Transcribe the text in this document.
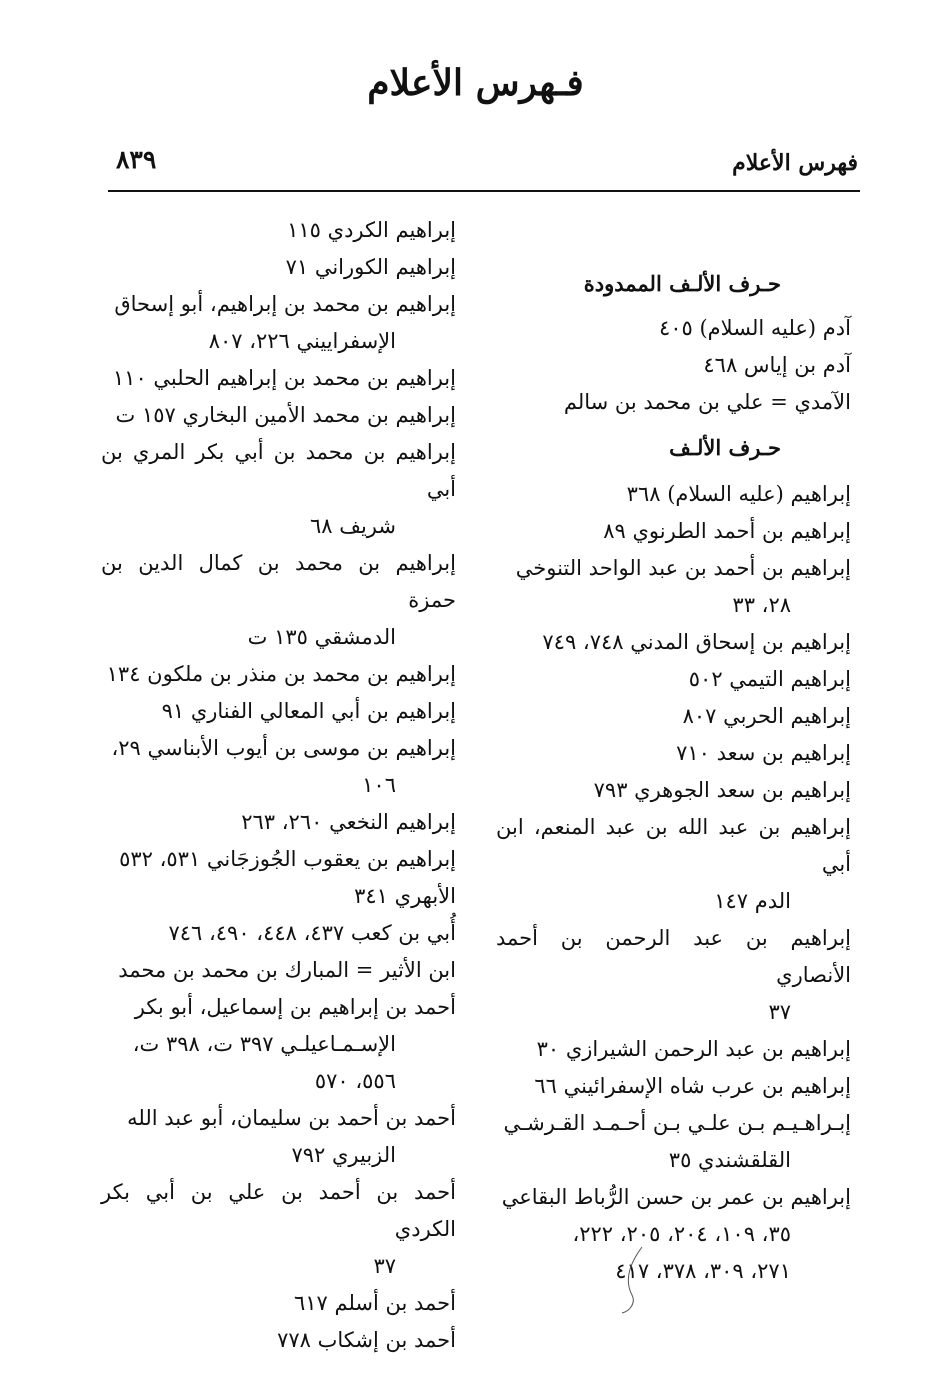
فـهرس الأعلام
فهرس الأعلام
٨٣٩
حـرف الألـف الممدودة
آدم (عليه السلام) ٤٠٥
آدم بن إياس ٤٦٨
الآمدي = علي بن محمد بن سالم
حـرف الألـف
إبراهيم (عليه السلام) ٣٦٨
إبراهيم بن أحمد الطرنوي ٨٩
إبراهيم بن أحمد بن عبد الواحد التنوخي
٢٨، ٣٣
إبراهيم بن إسحاق المدني ٧٤٨، ٧٤٩
إبراهيم التيمي ٥٠٢
إبراهيم الحربي ٨٠٧
إبراهيم بن سعد ٧١٠
إبراهيم بن سعد الجوهري ٧٩٣
إبراهيم بن عبد الله بن عبد المنعم، ابن أبي
الدم ١٤٧
إبراهيم بن عبد الرحمن بن أحمد الأنصاري
٣٧
إبراهيم بن عبد الرحمن الشيرازي ٣٠
إبراهيم بن عرب شاه الإسفرائيني ٦٦
إبـراهـيـم بـن علـي بـن أحـمـد القـرشـي
القلقشندي ٣٥
إبراهيم بن عمر بن حسن الرُّباط البقاعي
٣٥، ١٠٩، ٢٠٤، ٢٠٥، ٢٢٢،
٢٧١، ٣٠٩، ٣٧٨، ٤١٧
إبراهيم الكردي ١١٥
إبراهيم الكوراني ٧١
إبراهيم بن محمد بن إبراهيم، أبو إسحاق
الإسفراييني ٢٢٦، ٨٠٧
إبراهيم بن محمد بن إبراهيم الحلبي ١١٠
إبراهيم بن محمد الأمين البخاري ١٥٧ ت
إبراهيم بن محمد بن أبي بكر المري بن أبي
شريف ٦٨
إبراهيم بن محمد بن كمال الدين بن حمزة
الدمشقي ١٣٥ ت
إبراهيم بن محمد بن منذر بن ملكون ١٣٤
إبراهيم بن أبي المعالي الفناري ٩١
إبراهيم بن موسى بن أيوب الأبناسي ٢٩،
١٠٦
إبراهيم النخعي ٢٦٠، ٢٦٣
إبراهيم بن يعقوب الجُوزجَاني ٥٣١، ٥٣٢
الأبهري ٣٤١
أُبي بن كعب ٤٣٧، ٤٤٨، ٤٩٠، ٧٤٦
ابن الأثير = المبارك بن محمد بن محمد
أحمد بن إبراهيم بن إسماعيل، أبو بكر
الإسـمـاعيلـي ٣٩٧ ت، ٣٩٨ ت،
٥٥٦، ٥٧٠
أحمد بن أحمد بن سليمان، أبو عبد الله
الزبيري ٧٩٢
أحمد بن أحمد بن علي بن أبي بكر الكردي
٣٧
أحمد بن أسلم ٦١٧
أحمد بن إشكاب ٧٧٨
